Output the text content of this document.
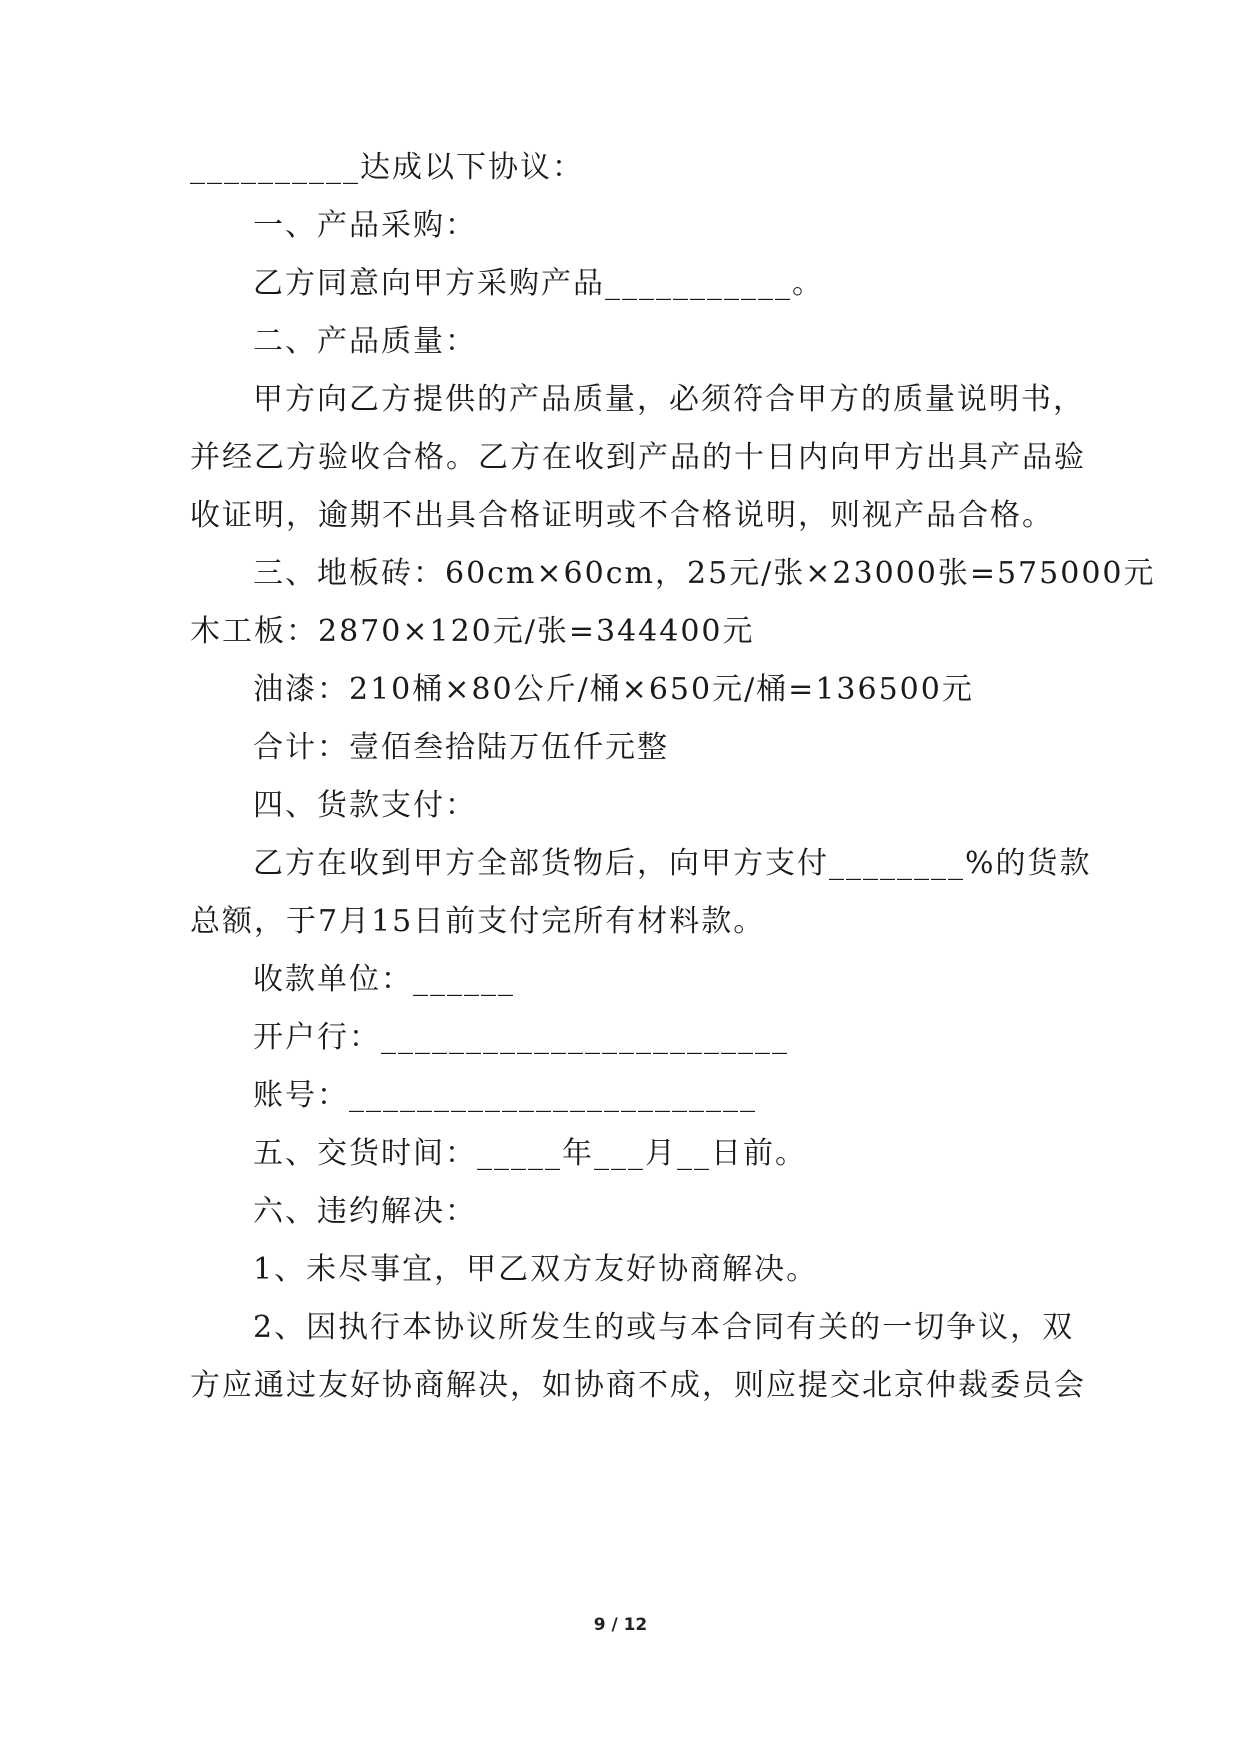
__________达成以下协议：
一、产品采购：
乙方同意向甲方采购产品___________。
二、产品质量：
甲方向乙方提供的产品质量，必须符合甲方的质量说明书，
并经乙方验收合格。乙方在收到产品的十日内向甲方出具产品验
收证明，逾期不出具合格证明或不合格说明，则视产品合格。
三、地板砖：60cm×60cm，25元/张×23000张=575000元
木工板：2870×120元/张=344400元
油漆：210桶×80公斤/桶×650元/桶=136500元
合计：壹佰叁拾陆万伍仟元整
四、货款支付：
乙方在收到甲方全部货物后，向甲方支付________%的货款
总额，于7月15日前支付完所有材料款。
收款单位：______
开户行：________________________
账号：________________________
五、交货时间：_____年___月__日前。
六、违约解决：
1、未尽事宜，甲乙双方友好协商解决。
2、因执行本协议所发生的或与本合同有关的一切争议，双
方应通过友好协商解决，如协商不成，则应提交北京仲裁委员会
9 / 12
